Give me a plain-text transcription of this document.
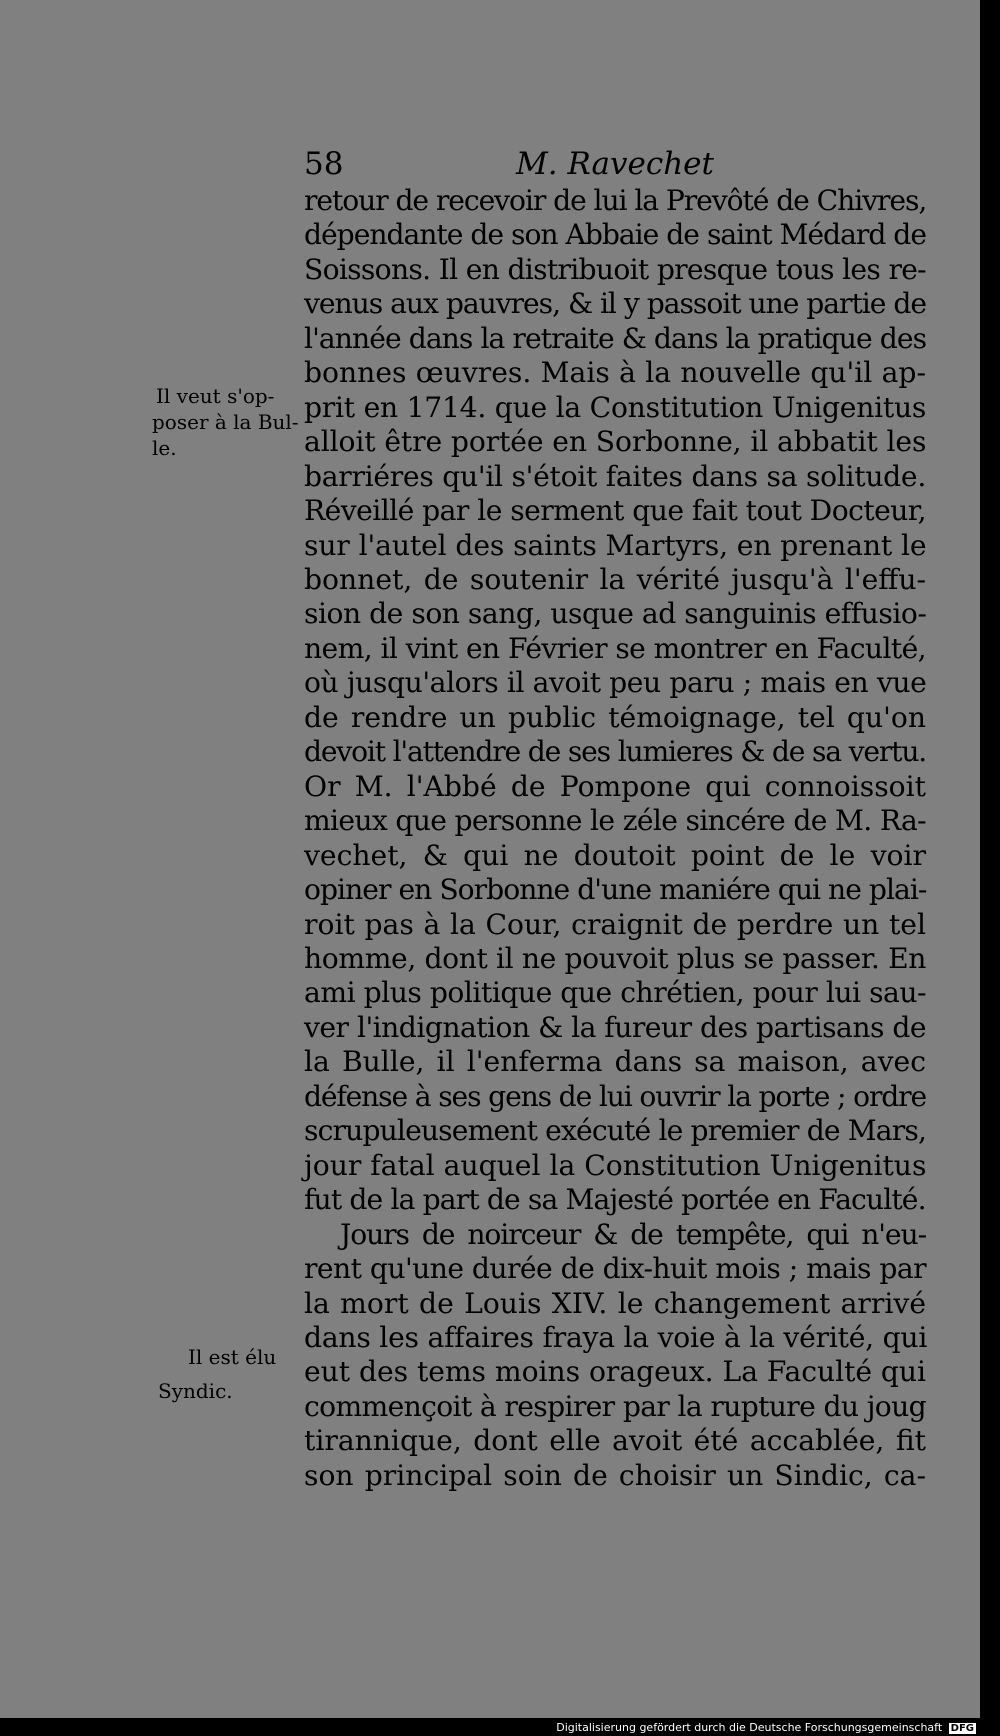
58	M. Ravechet
Il veut s'op-
poser à la Bul-
le.
Il est élu
Syndic.
retour de recevoir de lui la Prevôté de Chivres,
dépendante de son Abbaie de saint Médard de
Soissons. Il en distribuoit presque tous les re-
venus aux pauvres, & il y passoit une partie de
l'année dans la retraite & dans la pratique des
bonnes œuvres. Mais à la nouvelle qu'il ap-
prit en 1714. que la Constitution Unigenitus
alloit être portée en Sorbonne, il abbatit les
barriéres qu'il s'étoit faites dans sa solitude.
Réveillé par le serment que fait tout Docteur,
sur l'autel des saints Martyrs, en prenant le
bonnet, de soutenir la vérité jusqu'à l'effu-
sion de son sang, usque ad sanguinis effusio-
nem, il vint en Février se montrer en Faculté,
où jusqu'alors il avoit peu paru ; mais en vue
de rendre un public témoignage, tel qu'on
devoit l'attendre de ses lumieres & de sa vertu.
Or M. l'Abbé de Pompone qui connoissoit
mieux que personne le zéle sincére de M. Ra-
vechet, & qui ne doutoit point de le voir
opiner en Sorbonne d'une maniére qui ne plai-
roit pas à la Cour, craignit de perdre un tel
homme, dont il ne pouvoit plus se passer. En
ami plus politique que chrétien, pour lui sau-
ver l'indignation & la fureur des partisans de
la Bulle, il l'enferma dans sa maison, avec
défense à ses gens de lui ouvrir la porte ; ordre
scrupuleusement exécuté le premier de Mars,
jour fatal auquel la Constitution Unigenitus
fut de la part de sa Majesté portée en Faculté.
Jours de noirceur & de tempête, qui n'eu-
rent qu'une durée de dix-huit mois ; mais par
la mort de Louis XIV. le changement arrivé
dans les affaires fraya la voie à la vérité, qui
eut des tems moins orageux. La Faculté qui
commençoit à respirer par la rupture du joug
tirannique, dont elle avoit été accablée, fit
son principal soin de choisir un Sindic, ca-
Digitalisierung gefördert durch die Deutsche Forschungsgemeinschaft DFG
